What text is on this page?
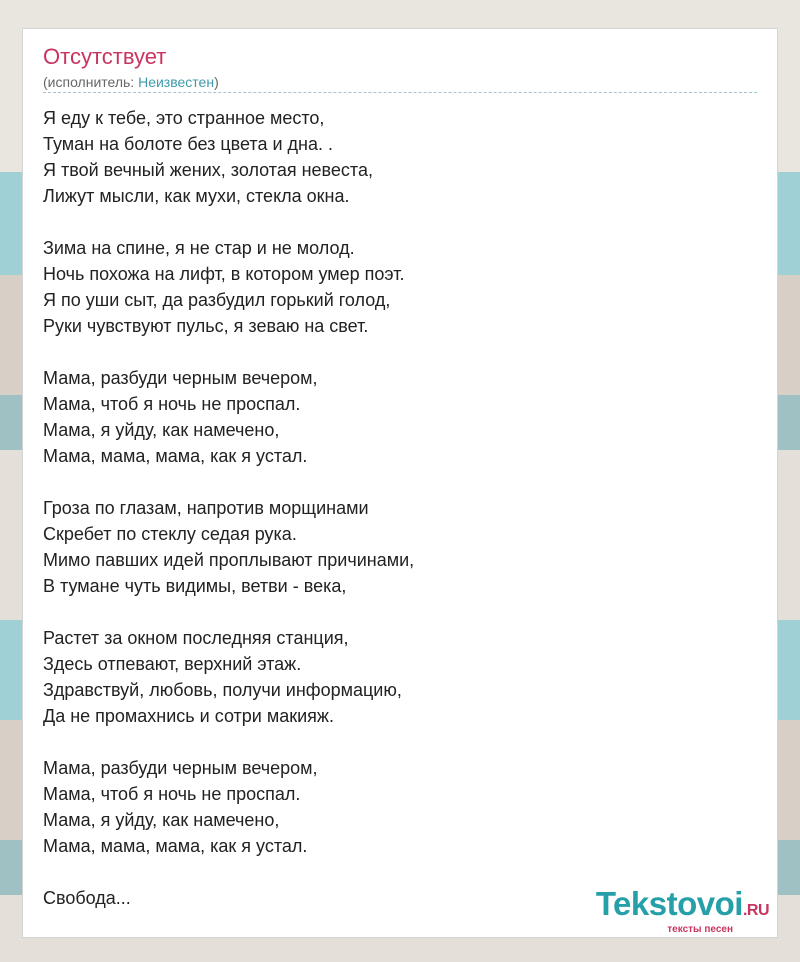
Отсутствует
(исполнитель: Неизвестен)
Я еду к тебе, это странное место,
Туман на болоте без цвета и дна. .
Я твой вечный жених, золотая невеста,
Лижут мысли, как мухи, стекла окна.
Зима на спине, я не стар и не молод.
Ночь похожа на лифт, в котором умер поэт.
Я по уши сыт, да разбудил горький голод,
Руки чувствуют пульс, я зеваю на свет.
Мама, разбуди черным вечером,
Мама, чтоб я ночь не проспал.
Мама, я уйду, как намечено,
Мама, мама, мама, как я устал.
Гроза по глазам, напротив морщинами
Скребет по стеклу седая рука.
Мимо павших идей проплывают причинами,
В тумане чуть видимы, ветви - века,
Растет за окном последняя станция,
Здесь отпевают, верхний этаж.
Здравствуй, любовь, получи информацию,
Да не промахнись и сотри макияж.
Мама, разбуди черным вечером,
Мама, чтоб я ночь не проспал.
Мама, я уйду, как намечено,
Мама, мама, мама, как я устал.
Свобода...	Tekstovoi.RU
тексты песен
